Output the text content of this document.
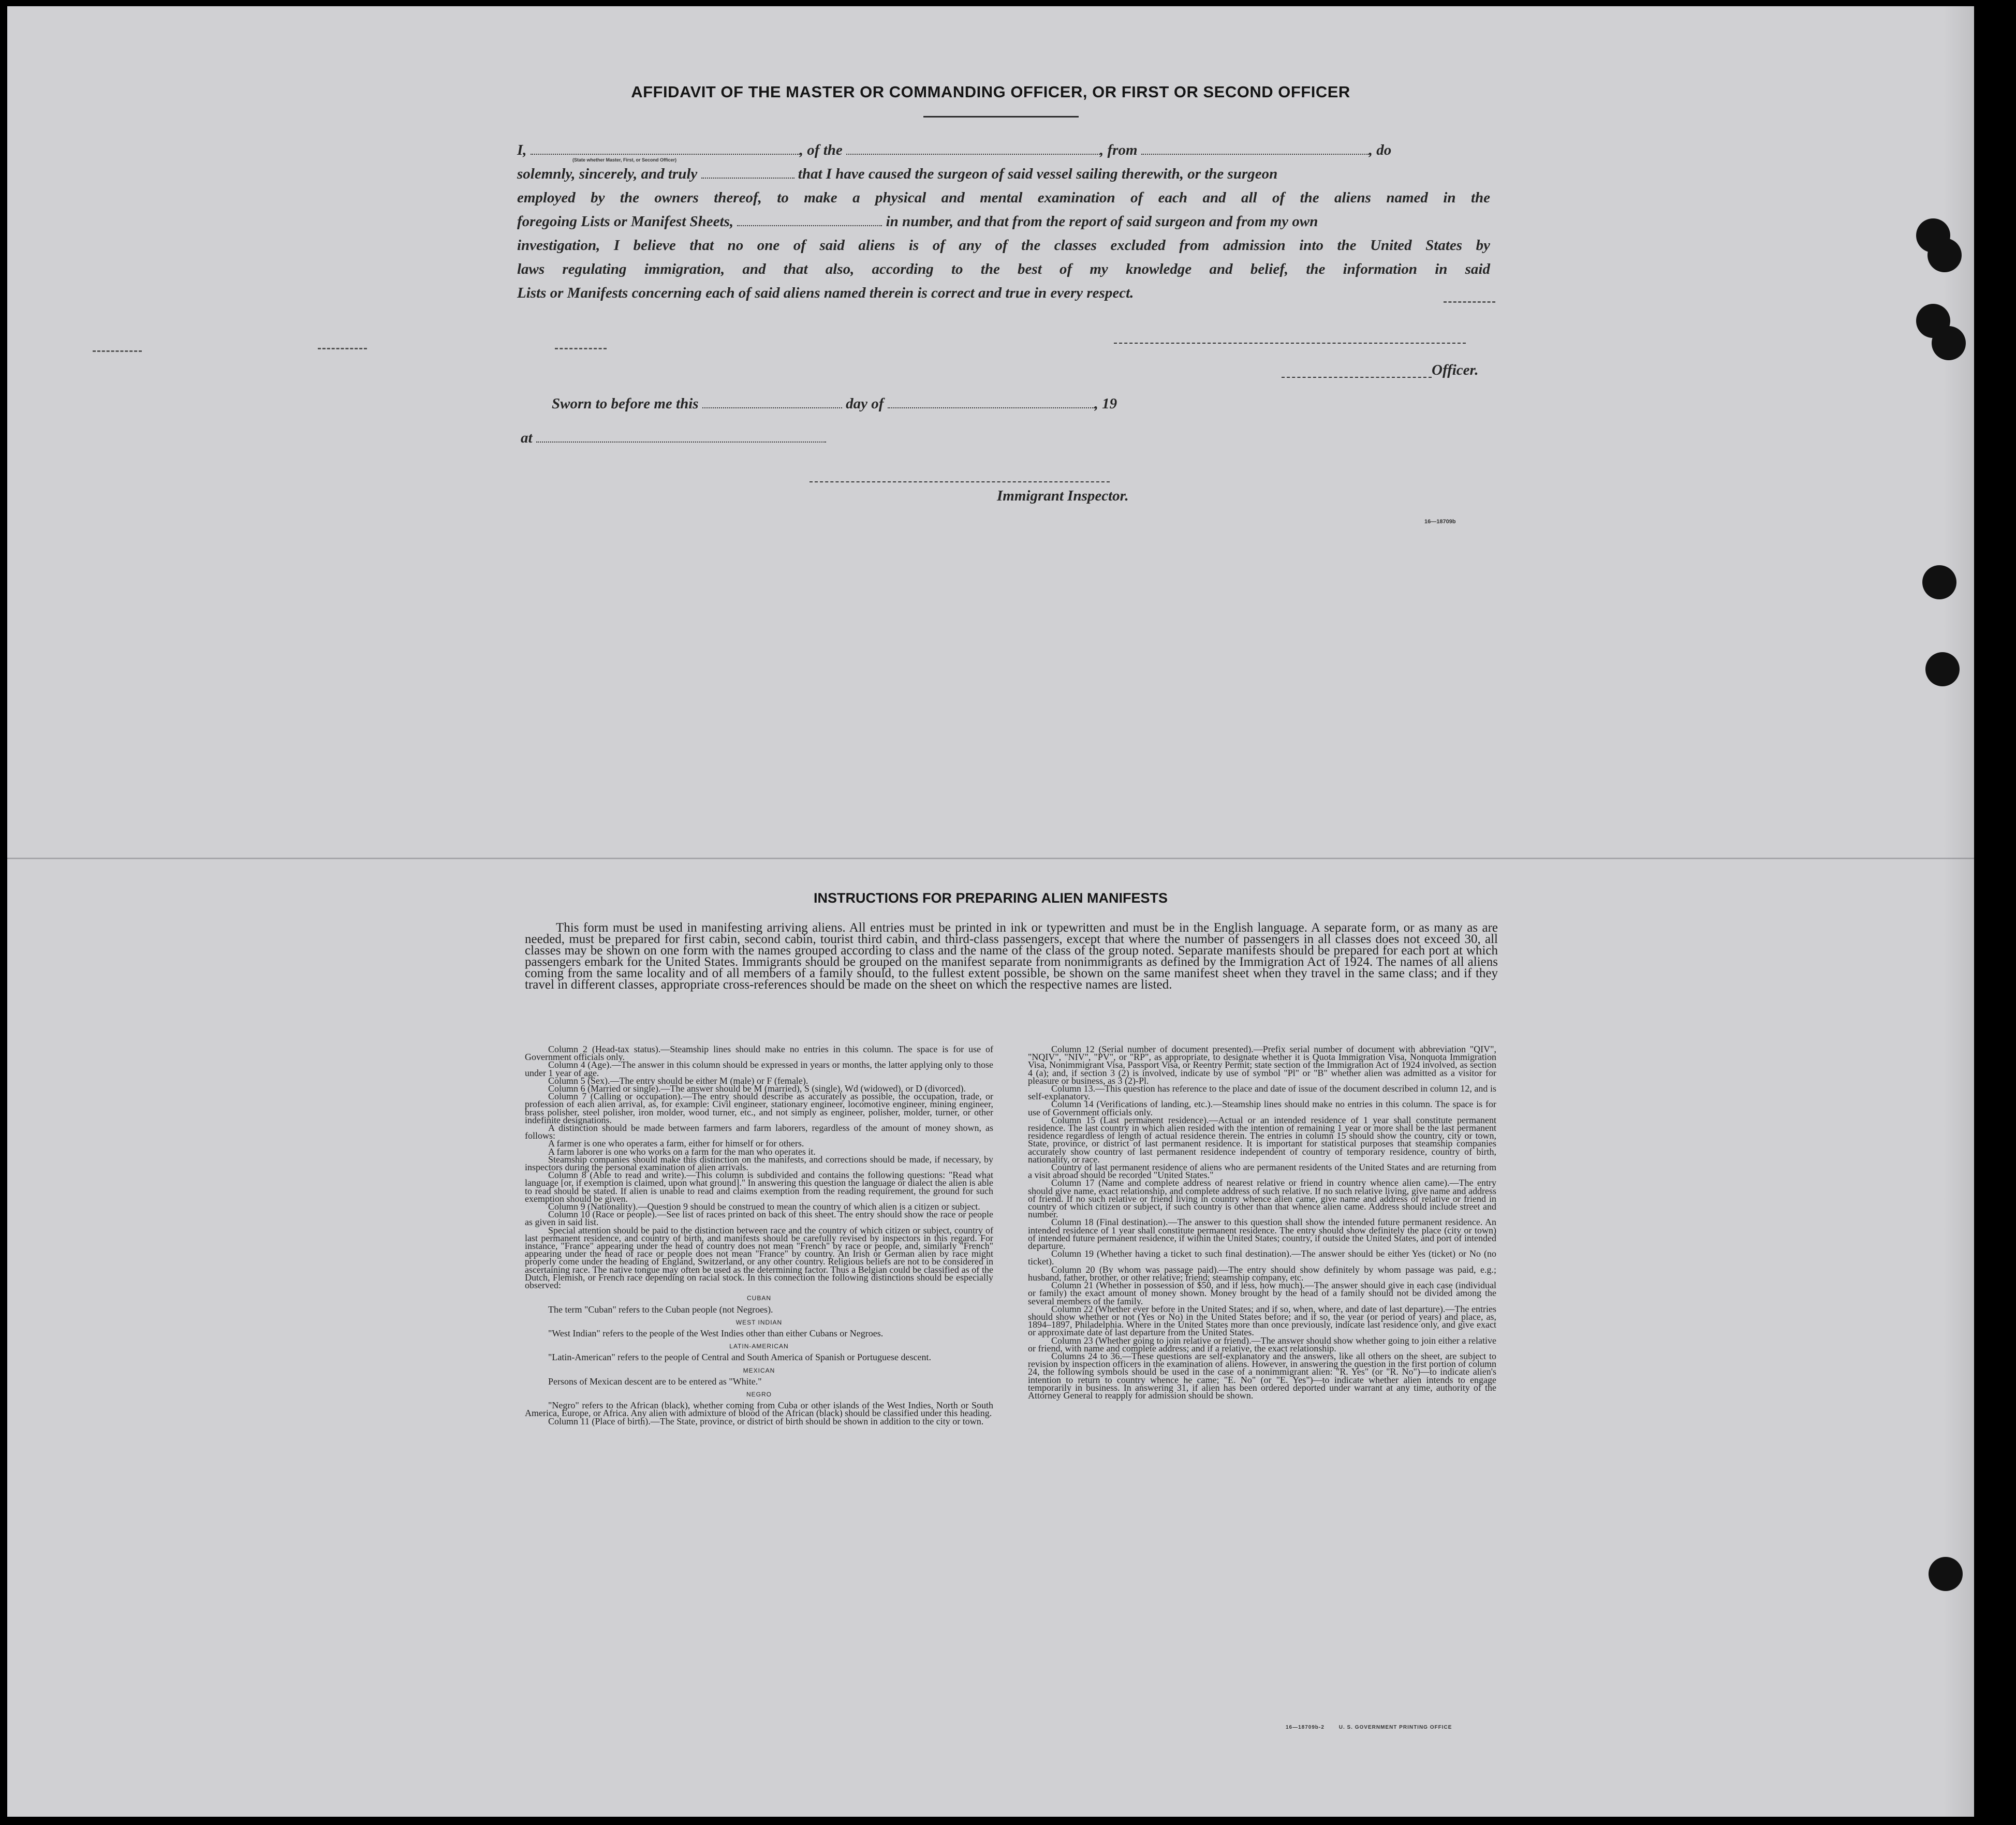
AFFIDAVIT OF THE MASTER OR COMMANDING OFFICER, OR FIRST OR SECOND OFFICER
I,	, of the	, from	, do
(State whether Master, First, or Second Officer)
solemnly, sincerely, and truly	that I have caused the surgeon of said vessel sailing therewith, or the surgeon
employed by the owners thereof, to make a physical and mental examination of each and all of the aliens named in the
foregoing Lists or Manifest Sheets,	in number, and that from the report of said surgeon and from my own
investigation, I believe that no one of said aliens is of any of the classes excluded from admission into the United States by
laws regulating immigration, and that also, according to the best of my knowledge and belief, the information in said
Lists or Manifests concerning each of said aliens named therein is correct and true in every respect.
Officer.
Sworn to before me this	day of	, 19
at
Immigrant Inspector.
16—18709b
INSTRUCTIONS FOR PREPARING ALIEN MANIFESTS

This form must be used in manifesting arriving aliens. All entries must be printed in ink or typewritten and must be in the English language. A separate form, or as many as are needed, must be prepared for first cabin, second cabin, tourist third cabin, and third-class passengers, except that where the number of passengers in all classes does not exceed 30, all classes may be shown on one form with the names grouped according to class and the name of the class of the group noted. Separate manifests should be prepared for each port at which passengers embark for the United States. Immigrants should be grouped on the manifest separate from nonimmigrants as defined by the Immigration Act of 1924. The names of all aliens coming from the same locality and of all members of a family should, to the fullest extent possible, be shown on the same manifest sheet when they travel in the same class; and if they travel in different classes, appropriate cross-references should be made on the sheet on which the respective names are listed.

Column 2 (Head-tax status).—Steamship lines should make no entries in this column. The space is for use of Government officials only.

Column 4 (Age).—The answer in this column should be expressed in years or months, the latter applying only to those under 1 year of age.

Column 5 (Sex).—The entry should be either M (male) or F (female).

Column 6 (Married or single).—The answer should be M (married), S (single), Wd (widowed), or D (divorced).

Column 7 (Calling or occupation).—The entry should describe as accurately as possible, the occupation, trade, or profession of each alien arrival, as, for example: Civil engineer, stationary engineer, locomotive engineer, mining engineer, brass polisher, steel polisher, iron molder, wood turner, etc., and not simply as engineer, polisher, molder, turner, or other indefinite designations.

A distinction should be made between farmers and farm laborers, regardless of the amount of money shown, as follows:

A farmer is one who operates a farm, either for himself or for others.

A farm laborer is one who works on a farm for the man who operates it.

Steamship companies should make this distinction on the manifests, and corrections should be made, if necessary, by inspectors during the personal examination of alien arrivals.

Column 8 (Able to read and write).—This column is subdivided and contains the following questions: "Read what language [or, if exemption is claimed, upon what ground]." In answering this question the language or dialect the alien is able to read should be stated. If alien is unable to read and claims exemption from the reading requirement, the ground for such exemption should be given.

Column 9 (Nationality).—Question 9 should be construed to mean the country of which alien is a citizen or subject.

Column 10 (Race or people).—See list of races printed on back of this sheet. The entry should show the race or people as given in said list.

Special attention should be paid to the distinction between race and the country of which citizen or subject, country of last permanent residence, and country of birth, and manifests should be carefully revised by inspectors in this regard. For instance, "France" appearing under the head of country does not mean "French" by race or people, and, similarly "French" appearing under the head of race or people does not mean "France" by country. An Irish or German alien by race might properly come under the heading of England, Switzerland, or any other country. Religious beliefs are not to be considered in ascertaining race. The native tongue may often be used as the determining factor. Thus a Belgian could be classified as of the Dutch, Flemish, or French race depending on racial stock. In this connection the following distinctions should be especially observed:

CUBAN

The term "Cuban" refers to the Cuban people (not Negroes).

WEST INDIAN

"West Indian" refers to the people of the West Indies other than either Cubans or Negroes.

LATIN-AMERICAN

"Latin-American" refers to the people of Central and South America of Spanish or Portuguese descent.

MEXICAN

Persons of Mexican descent are to be entered as "White."

NEGRO

"Negro" refers to the African (black), whether coming from Cuba or other islands of the West Indies, North or South America, Europe, or Africa. Any alien with admixture of blood of the African (black) should be classified under this heading.

Column 11 (Place of birth).—The State, province, or district of birth should be shown in addition to the city or town.

Column 12 (Serial number of document presented).—Prefix serial number of document with abbreviation "QIV", "NQIV", "NIV", "PV", or "RP", as appropriate, to designate whether it is Quota Immigration Visa, Nonquota Immigration Visa, Nonimmigrant Visa, Passport Visa, or Reentry Permit; state section of the Immigration Act of 1924 involved, as section 4 (a); and, if section 3 (2) is involved, indicate by use of symbol "Pl" or "B" whether alien was admitted as a visitor for pleasure or business, as 3 (2)-Pl.

Column 13.—This question has reference to the place and date of issue of the document described in column 12, and is self-explanatory.

Column 14 (Verifications of landing, etc.).—Steamship lines should make no entries in this column. The space is for use of Government officials only.

Column 15 (Last permanent residence).—Actual or an intended residence of 1 year shall constitute permanent residence. The last country in which alien resided with the intention of remaining 1 year or more shall be the last permanent residence regardless of length of actual residence therein. The entries in column 15 should show the country, city or town, State, province, or district of last permanent residence. It is important for statistical purposes that steamship companies accurately show country of last permanent residence independent of country of temporary residence, country of birth, nationality, or race.

Country of last permanent residence of aliens who are permanent residents of the United States and are returning from a visit abroad should be recorded "United States."

Column 17 (Name and complete address of nearest relative or friend in country whence alien came).—The entry should give name, exact relationship, and complete address of such relative. If no such relative living, give name and address of friend. If no such relative or friend living in country whence alien came, give name and address of relative or friend in country of which citizen or subject, if such country is other than that whence alien came. Address should include street and number.

Column 18 (Final destination).—The answer to this question shall show the intended future permanent residence. An intended residence of 1 year shall constitute permanent residence. The entry should show definitely the place (city or town) of intended future permanent residence, if within the United States; country, if outside the United States, and port of intended departure.

Column 19 (Whether having a ticket to such final destination).—The answer should be either Yes (ticket) or No (no ticket).

Column 20 (By whom was passage paid).—The entry should show definitely by whom passage was paid, e.g.; husband, father, brother, or other relative; friend; steamship company, etc.

Column 21 (Whether in possession of $50, and if less, how much).—The answer should give in each case (individual or family) the exact amount of money shown. Money brought by the head of a family should not be divided among the several members of the family.

Column 22 (Whether ever before in the United States; and if so, when, where, and date of last departure).—The entries should show whether or not (Yes or No) in the United States before; and if so, the year (or period of years) and place, as, 1894–1897, Philadelphia. Where in the United States more than once previously, indicate last residence only, and give exact or approximate date of last departure from the United States.

Column 23 (Whether going to join relative or friend).—The answer should show whether going to join either a relative or friend, with name and complete address; and if a relative, the exact relationship.

Columns 24 to 36.—These questions are self-explanatory and the answers, like all others on the sheet, are subject to revision by inspection officers in the examination of aliens. However, in answering the question in the first portion of column 24, the following symbols should be used in the case of a nonimmigrant alien: "R. Yes" (or "R. No")—to indicate alien's intention to return to country whence he came; "E. No" (or "E. Yes")—to indicate whether alien intends to engage temporarily in business. In answering 31, if alien has been ordered deported under warrant at any time, authority of the Attorney General to reapply for admission should be shown.

16—18709b-2	U. S. GOVERNMENT PRINTING OFFICE
